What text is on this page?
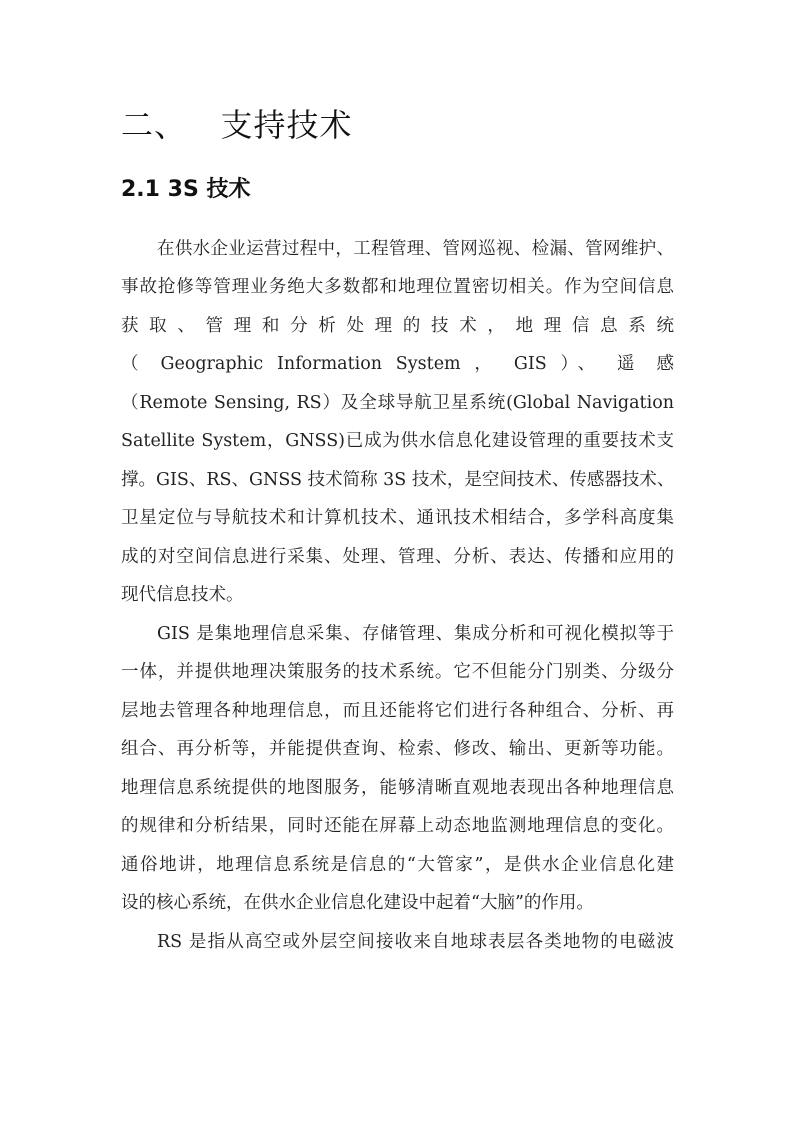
二、   支持技术
2.1 3S 技术
在供水企业运营过程中，工程管理、管网巡视、检漏、管网维护、
事故抢修等管理业务绝大多数都和地理位置密切相关。作为空间信息
获 取 、 管 理 和 分 析 处 理 的 技 术 ， 地 理 信 息 系 统
（ Geographic Information System ， GIS ）、 遥 感
（Remote Sensing, RS）及全球导航卫星系统(Global Navigation
Satellite System，GNSS)已成为供水信息化建设管理的重要技术支
撑。GIS、RS、GNSS 技术简称 3S 技术，是空间技术、传感器技术、
卫星定位与导航技术和计算机技术、通讯技术相结合，多学科高度集
成的对空间信息进行采集、处理、管理、分析、表达、传播和应用的
现代信息技术。
GIS 是集地理信息采集、存储管理、集成分析和可视化模拟等于
一体，并提供地理决策服务的技术系统。它不但能分门别类、分级分
层地去管理各种地理信息，而且还能将它们进行各种组合、分析、再
组合、再分析等，并能提供查询、检索、修改、输出、更新等功能。
地理信息系统提供的地图服务，能够清晰直观地表现出各种地理信息
的规律和分析结果，同时还能在屏幕上动态地监测地理信息的变化。
通俗地讲，地理信息系统是信息的“大管家”，是供水企业信息化建
设的核心系统，在供水企业信息化建设中起着“大脑”的作用。
RS 是指从高空或外层空间接收来自地球表层各类地物的电磁波
